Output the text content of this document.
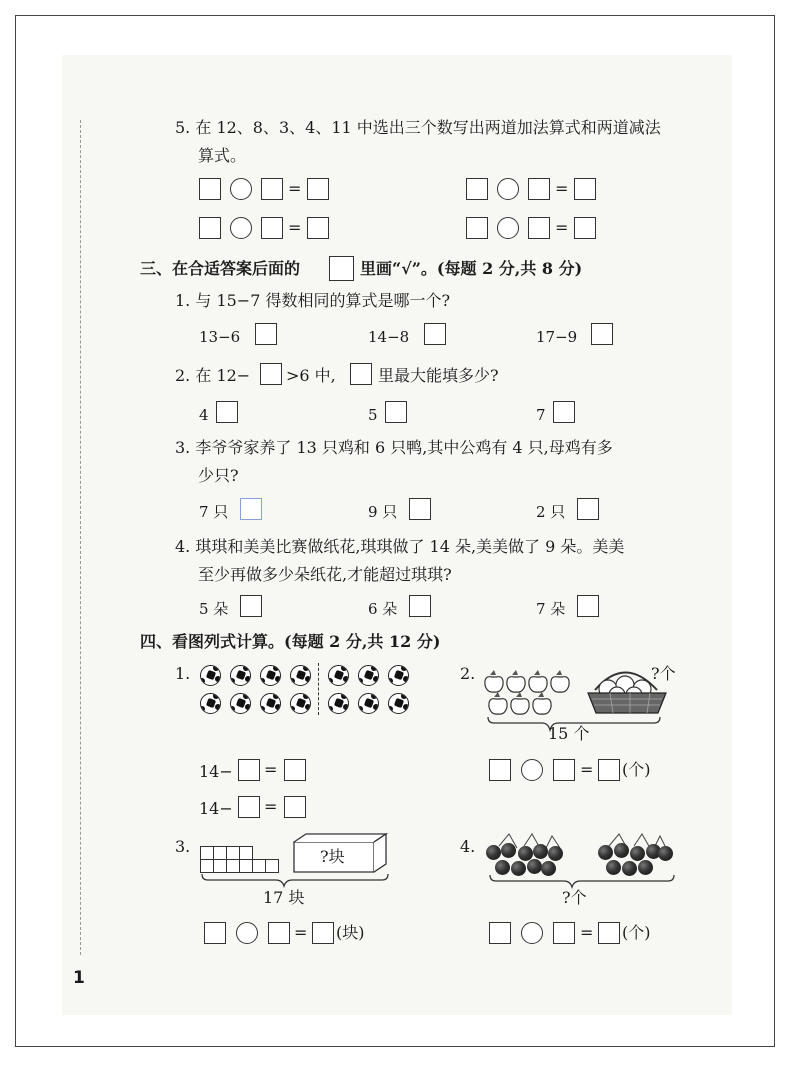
5. 在 12、8、3、4、11 中选出三个数写出两道加法算式和两道减法
算式。
=	=
=	=
三、在合适答案后面的	里画“√”。(每题 2 分,共 8 分)
1. 与 15−7 得数相同的算式是哪一个?
13−6	14−8	17−9
2. 在 12− >6 中,	里最大能填多少?
4	5	7
3. 李爷爷家养了 13 只鸡和 6 只鸭,其中公鸡有 4 只,母鸡有多
少只?
7 只	9 只	2 只
4. 琪琪和美美比赛做纸花,琪琪做了 14 朵,美美做了 9 朵。美美
至少再做多少朵纸花,才能超过琪琪?
5 朵	6 朵	7 朵
四、看图列式计算。(每题 2 分,共 12 分)
1.
14− =
14− =
2.	?个
15 个
= (个)
3.
?块
17 块
= (块)
4.
?个
= (个)
1
